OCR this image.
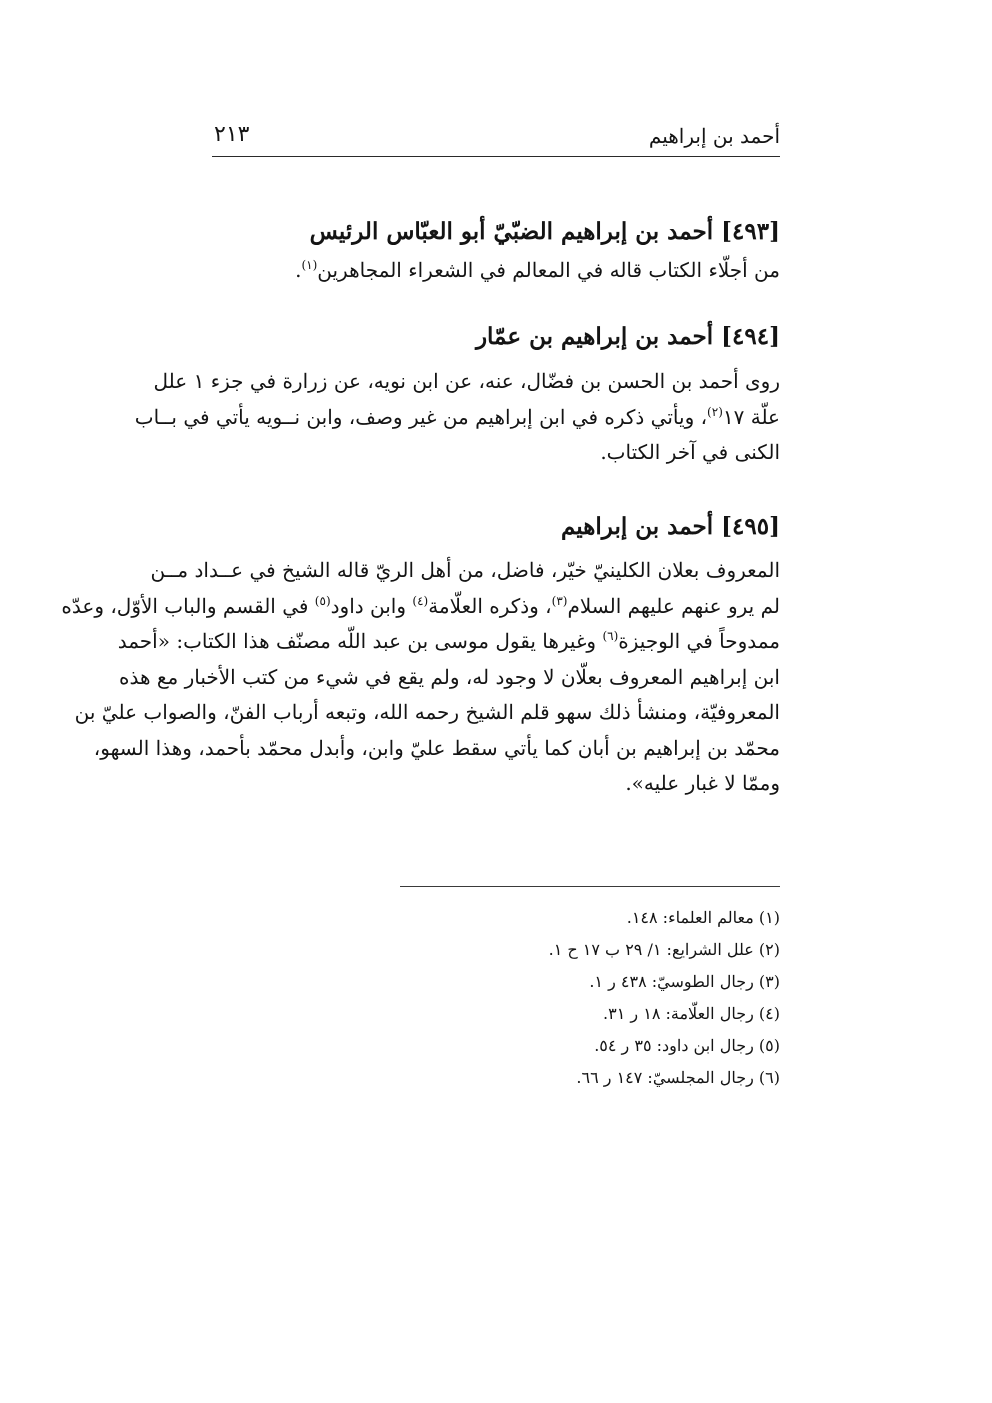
أحمد بن إبراهيم
٢١٣
[٤٩٣] أحمد بن إبراهيم الضبّيّ أبو العبّاس الرئيس

من أجلّاء الكتاب قاله في المعالم في الشعراء المجاهرين$^{(١)}$.

[٤٩٤] أحمد بن إبراهيم بن عمّار

روى أحمد بن الحسن بن فضّال، عنه، عن ابن نويه، عن زرارة في جزء ١ علل
علّة ١٧$^{(٢)}$، ويأتي ذكره في ابن إبراهيم من غير وصف، وابن نــويه يأتي في بــاب
الكنى في آخر الكتاب.

[٤٩٥] أحمد بن إبراهيم

المعروف بعلان الكلينيّ خيّر، فاضل، من أهل الريّ قاله الشيخ في عــداد مــن
لم يرو عنهم عليهم السلام$^{(٣)}$، وذكره العلّامة$^{(٤)}$ وابن داود$^{(٥)}$ في القسم والباب الأوّل، وعدّه
ممدوحاً في الوجيزة$^{(٦)}$ وغيرها يقول موسى بن عبد اللّه مصنّف هذا الكتاب: «أحمد
ابن إبراهيم المعروف بعلّان لا وجود له، ولم يقع في شيء من كتب الأخبار مع هذه
المعروفيّة، ومنشأ ذلك سهو قلم الشيخ رحمه الله، وتبعه أرباب الفنّ، والصواب عليّ بن
محمّد بن إبراهيم بن أبان كما يأتي سقط عليّ وابن، وأبدل محمّد بأحمد، وهذا السهو،
وممّا لا غبار عليه».

(١) معالم العلماء: ١٤٨.
(٢) علل الشرايع: ١/ ٢٩ ب ١٧ ح ١.
(٣) رجال الطوسيّ: ٤٣٨ ر ١.
(٤) رجال العلّامة: ١٨ ر ٣١.
(٥) رجال ابن داود: ٣٥ ر ٥٤.
(٦) رجال المجلسيّ: ١٤٧ ر ٦٦.
